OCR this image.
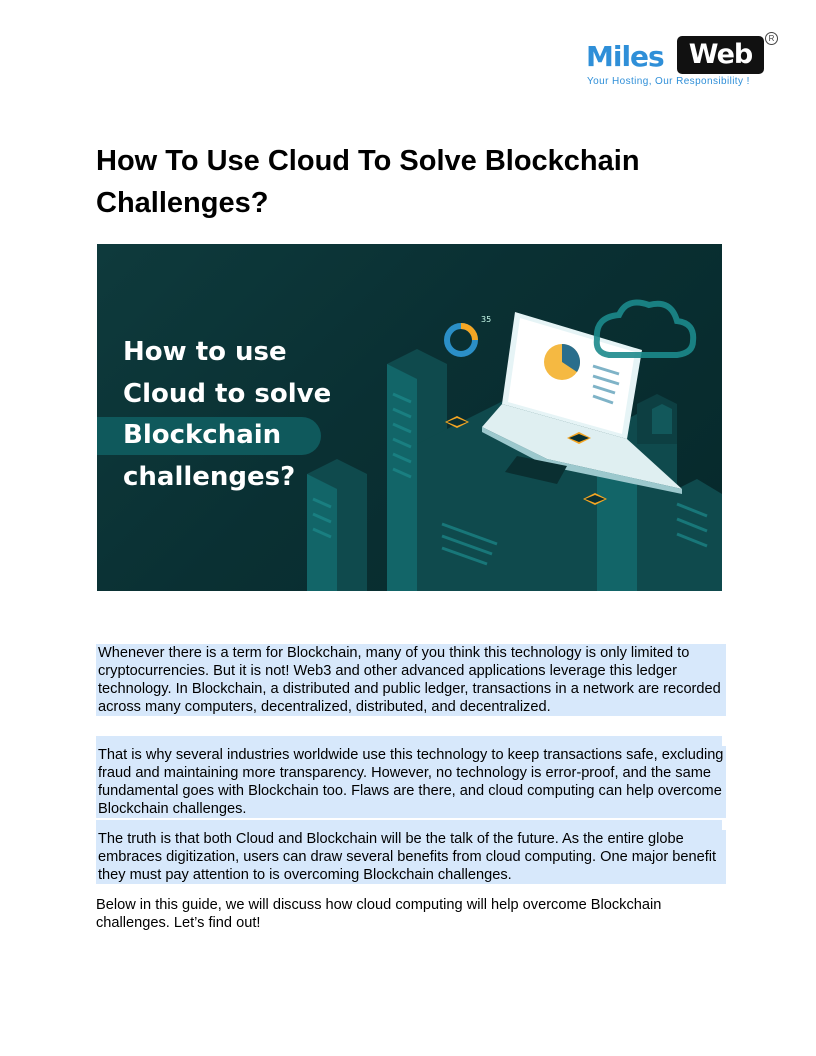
Miles Web
R
Your Hosting, Our Responsibility !
How To Use Cloud To Solve Blockchain Challenges?
35
How to use
Cloud to solve
Blockchain
challenges?

Whenever there is a term for Blockchain, many of you think this technology is only limited to cryptocurrencies. But it is not! Web3 and other advanced applications leverage this ledger technology. In Blockchain, a distributed and public ledger, transactions in a network are recorded across many computers, decentralized, distributed, and decentralized.

That is why several industries worldwide use this technology to keep transactions safe, excluding fraud and maintaining more transparency. However, no technology is error-proof, and the same fundamental goes with Blockchain too. Flaws are there, and cloud computing can help overcome Blockchain challenges.

The truth is that both Cloud and Blockchain will be the talk of the future. As the entire globe embraces digitization, users can draw several benefits from cloud computing. One major benefit they must pay attention to is overcoming Blockchain challenges.

Below in this guide, we will discuss how cloud computing will help overcome Blockchain challenges. Let’s find out!
